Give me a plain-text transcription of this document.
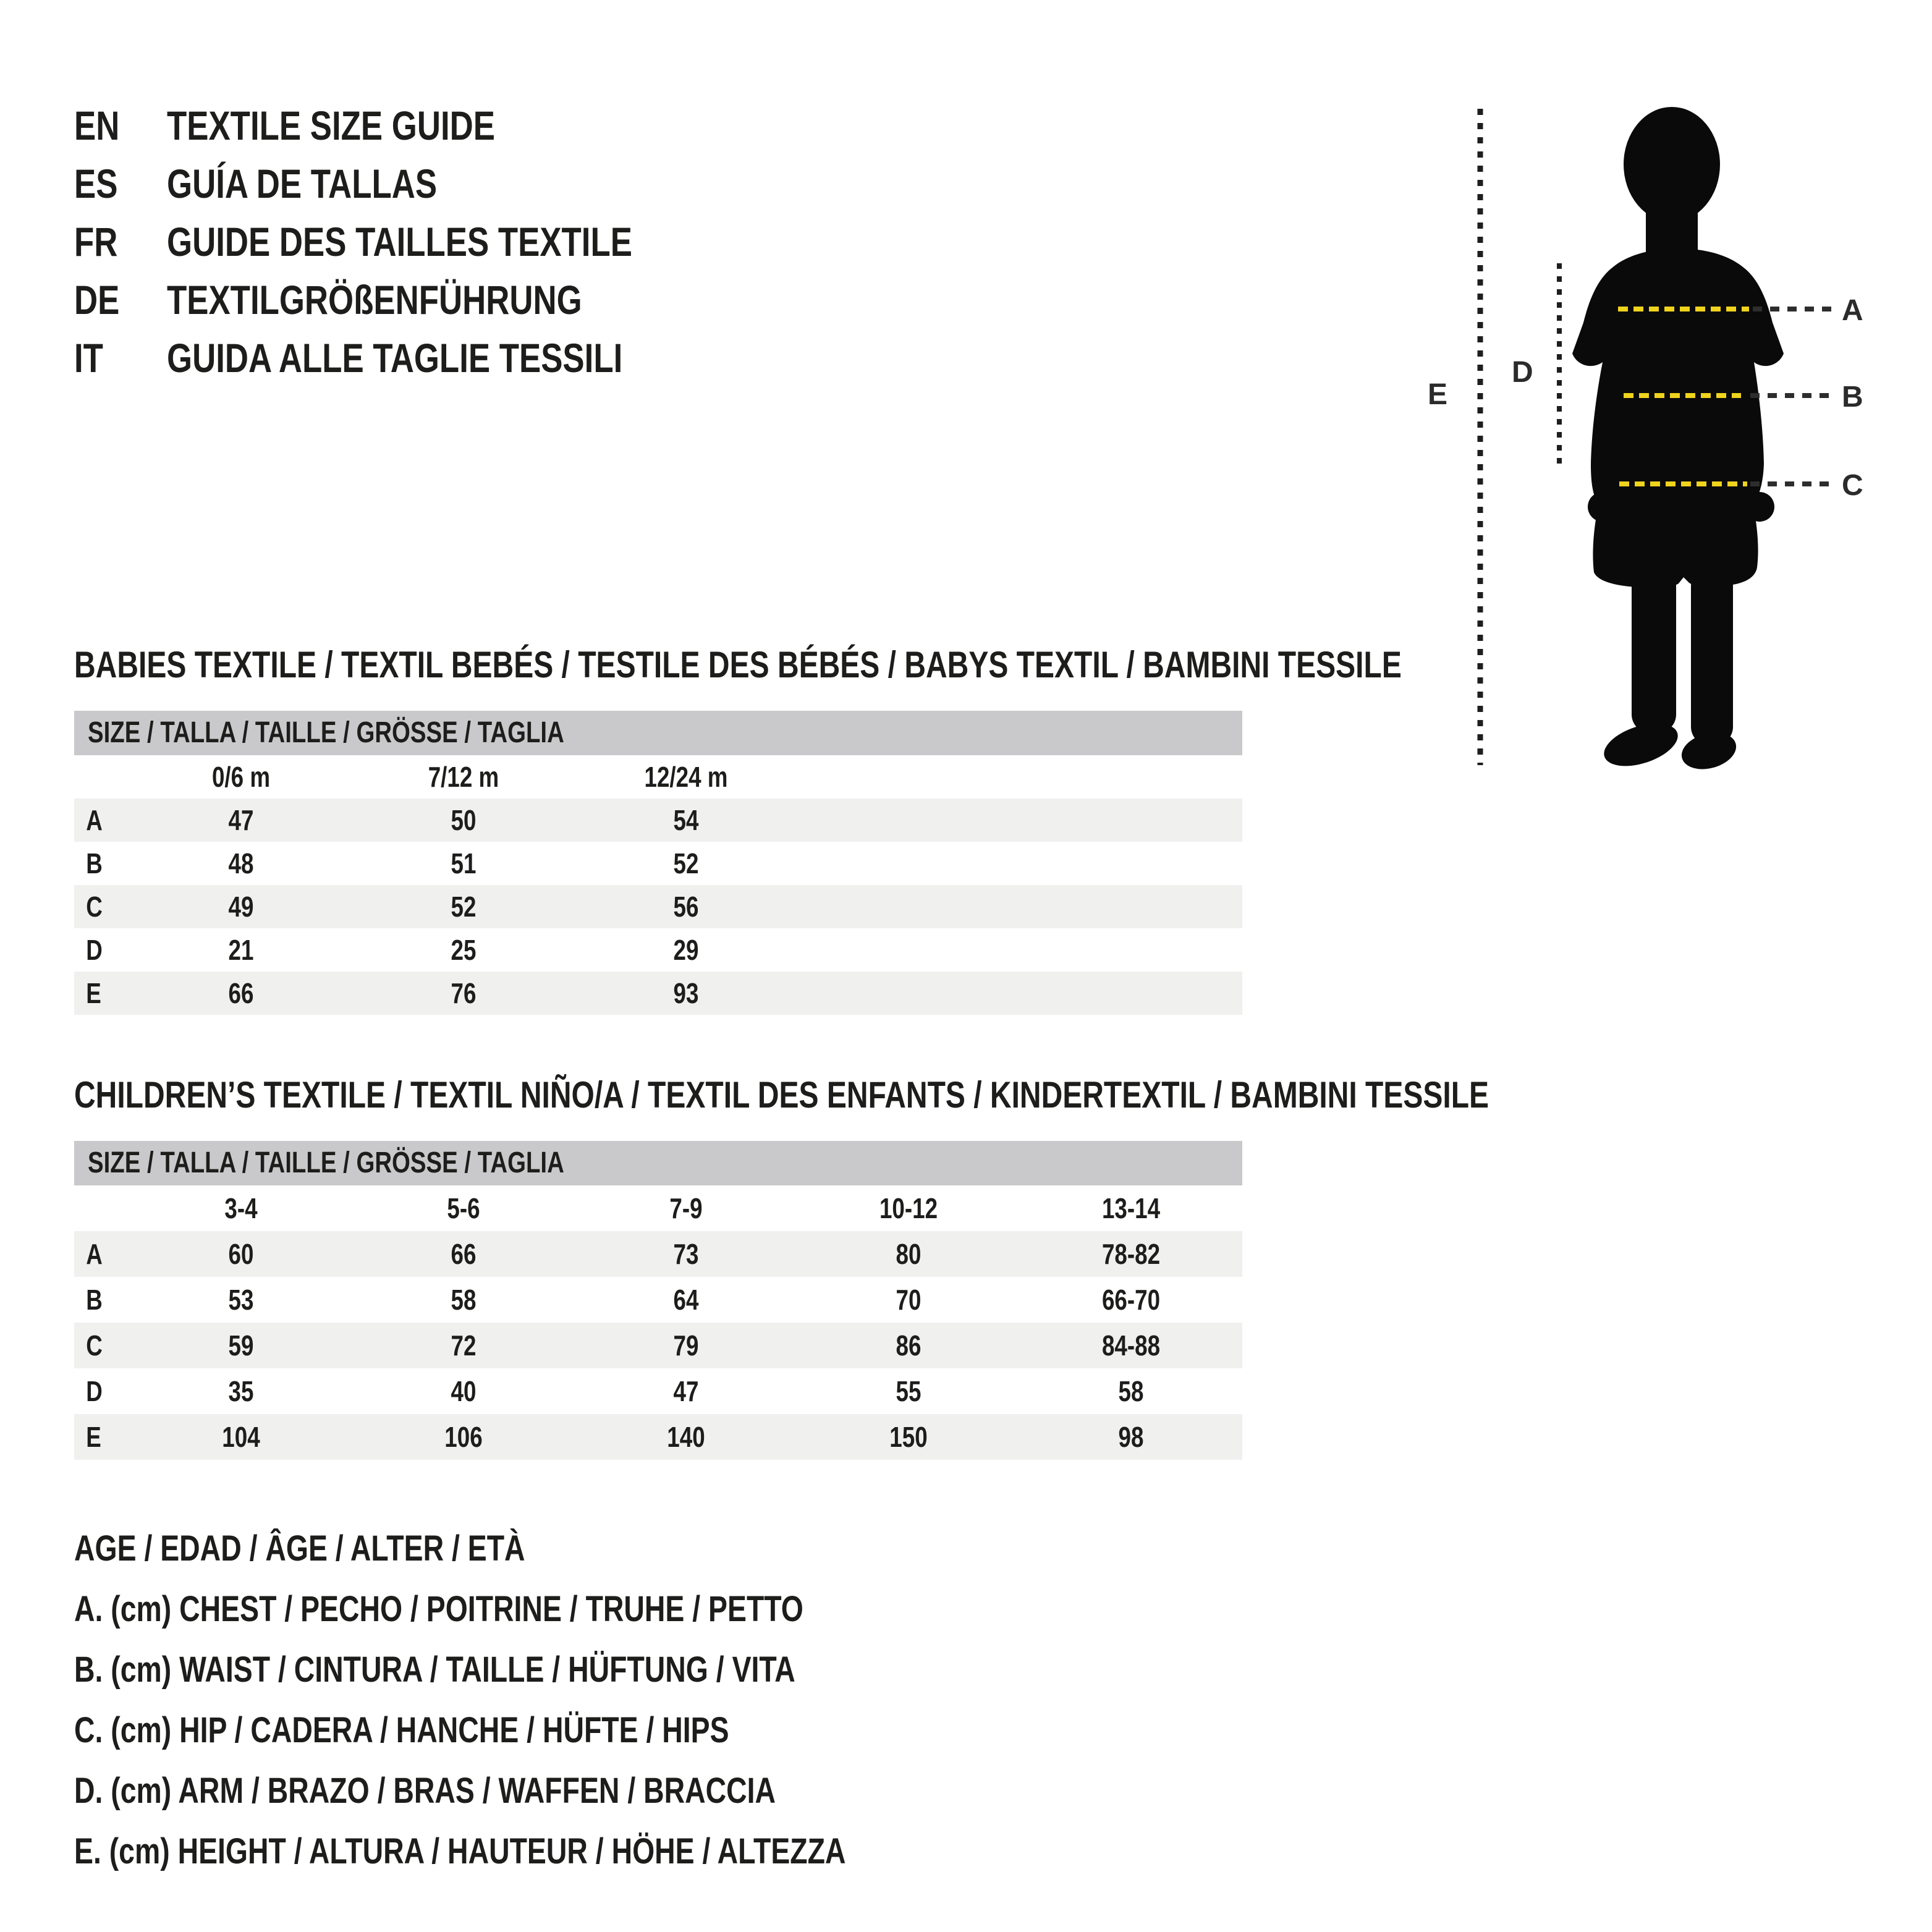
EN	TEXTILE SIZE GUIDE
ES	GUÍA DE TALLAS
FR	GUIDE DES TAILLES TEXTILE
DE	TEXTILGRÖßENFÜHRUNG
IT	GUIDA ALLE TAGLIE TESSILI
A
B
C
D
E
BABIES TEXTILE / TEXTIL BEBÉS / TESTILE DES BÉBÉS / BABYS TEXTIL / BAMBINI TESSILE
SIZE / TALLA / TAILLE / GRÖSSE / TAGLIA
0/6 m	7/12 m	12/24 m
A	47	50	54
B	48	51	52
C	49	52	56
D	21	25	29
E	66	76	93
CHILDREN’S TEXTILE / TEXTIL NIÑO/A / TEXTIL DES ENFANTS / KINDERTEXTIL / BAMBINI TESSILE
SIZE / TALLA / TAILLE / GRÖSSE / TAGLIA
3-4	5-6	7-9	10-12	13-14
A	60	66	73	80	78-82
B	53	58	64	70	66-70
C	59	72	79	86	84-88
D	35	40	47	55	58
E	104	106	140	150	98
AGE / EDAD / ÂGE / ALTER / ETÀ
A. (cm) CHEST / PECHO / POITRINE / TRUHE / PETTO
B. (cm) WAIST / CINTURA / TAILLE / HÜFTUNG / VITA
C. (cm) HIP / CADERA / HANCHE / HÜFTE / HIPS
D. (cm) ARM / BRAZO / BRAS / WAFFEN / BRACCIA
E. (cm) HEIGHT / ALTURA / HAUTEUR / HÖHE / ALTEZZA
